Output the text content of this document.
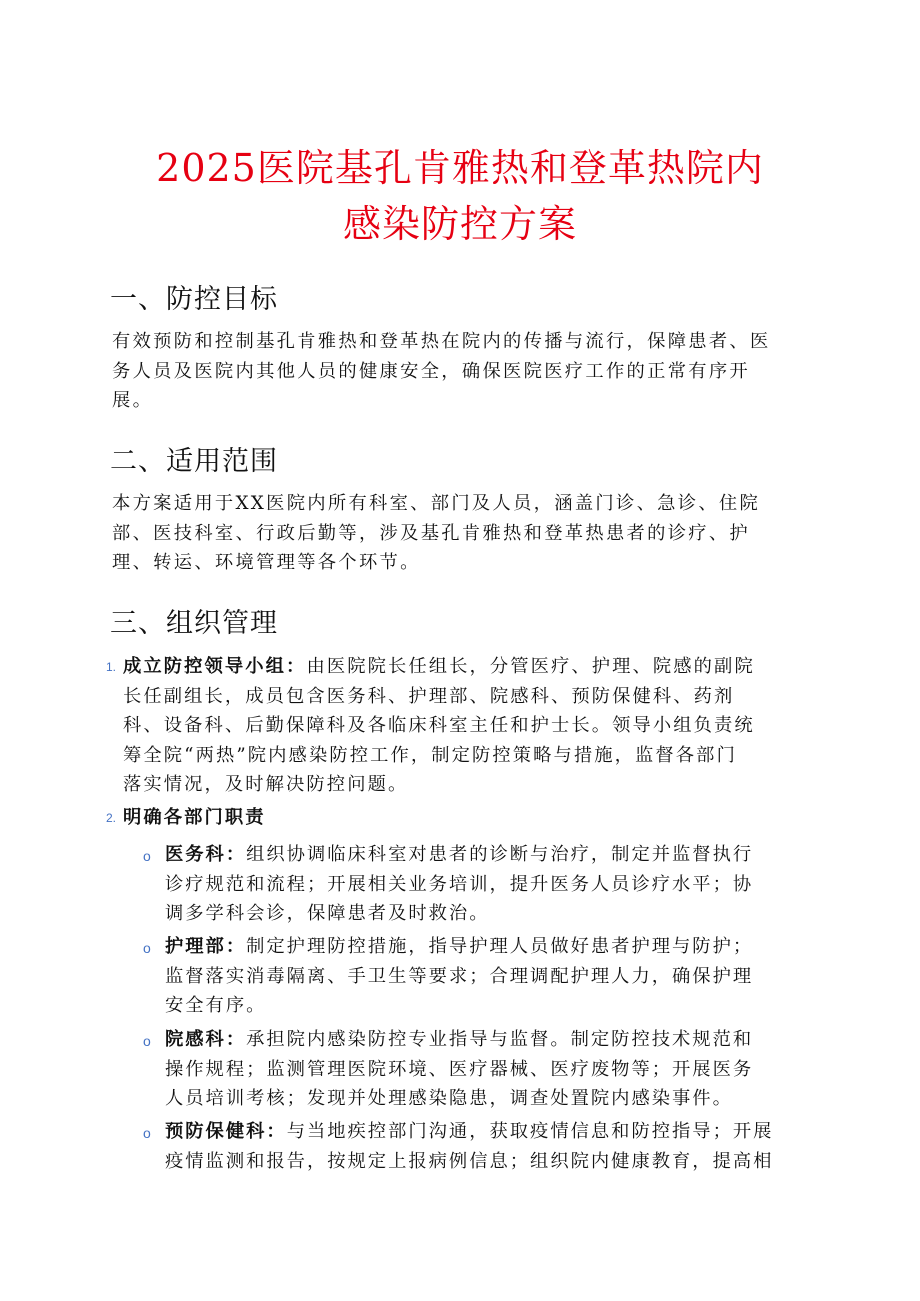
2025医院基孔肯雅热和登革热院内
感染防控方案
一、防控目标
有效预防和控制基孔肯雅热和登革热在院内的传播与流行，保障患者、医
务人员及医院内其他人员的健康安全，确保医院医疗工作的正常有序开
展。
二、适用范围
本方案适用于XX医院内所有科室、部门及人员，涵盖门诊、急诊、住院
部、医技科室、行政后勤等，涉及基孔肯雅热和登革热患者的诊疗、护
理、转运、环境管理等各个环节。
三、组织管理
1. 成立防控领导小组：由医院院长任组长，分管医疗、护理、院感的副院
长任副组长，成员包含医务科、护理部、院感科、预防保健科、药剂
科、设备科、后勤保障科及各临床科室主任和护士长。领导小组负责统
筹全院“两热”院内感染防控工作，制定防控策略与措施，监督各部门
落实情况，及时解决防控问题。
2. 明确各部门职责
o 医务科：组织协调临床科室对患者的诊断与治疗，制定并监督执行
诊疗规范和流程；开展相关业务培训，提升医务人员诊疗水平；协
调多学科会诊，保障患者及时救治。
o 护理部：制定护理防控措施，指导护理人员做好患者护理与防护；
监督落实消毒隔离、手卫生等要求；合理调配护理人力，确保护理
安全有序。
o 院感科：承担院内感染防控专业指导与监督。制定防控技术规范和
操作规程；监测管理医院环境、医疗器械、医疗废物等；开展医务
人员培训考核；发现并处理感染隐患，调查处置院内感染事件。
o 预防保健科：与当地疾控部门沟通，获取疫情信息和防控指导；开展
疫情监测和报告，按规定上报病例信息；组织院内健康教育，提高相
